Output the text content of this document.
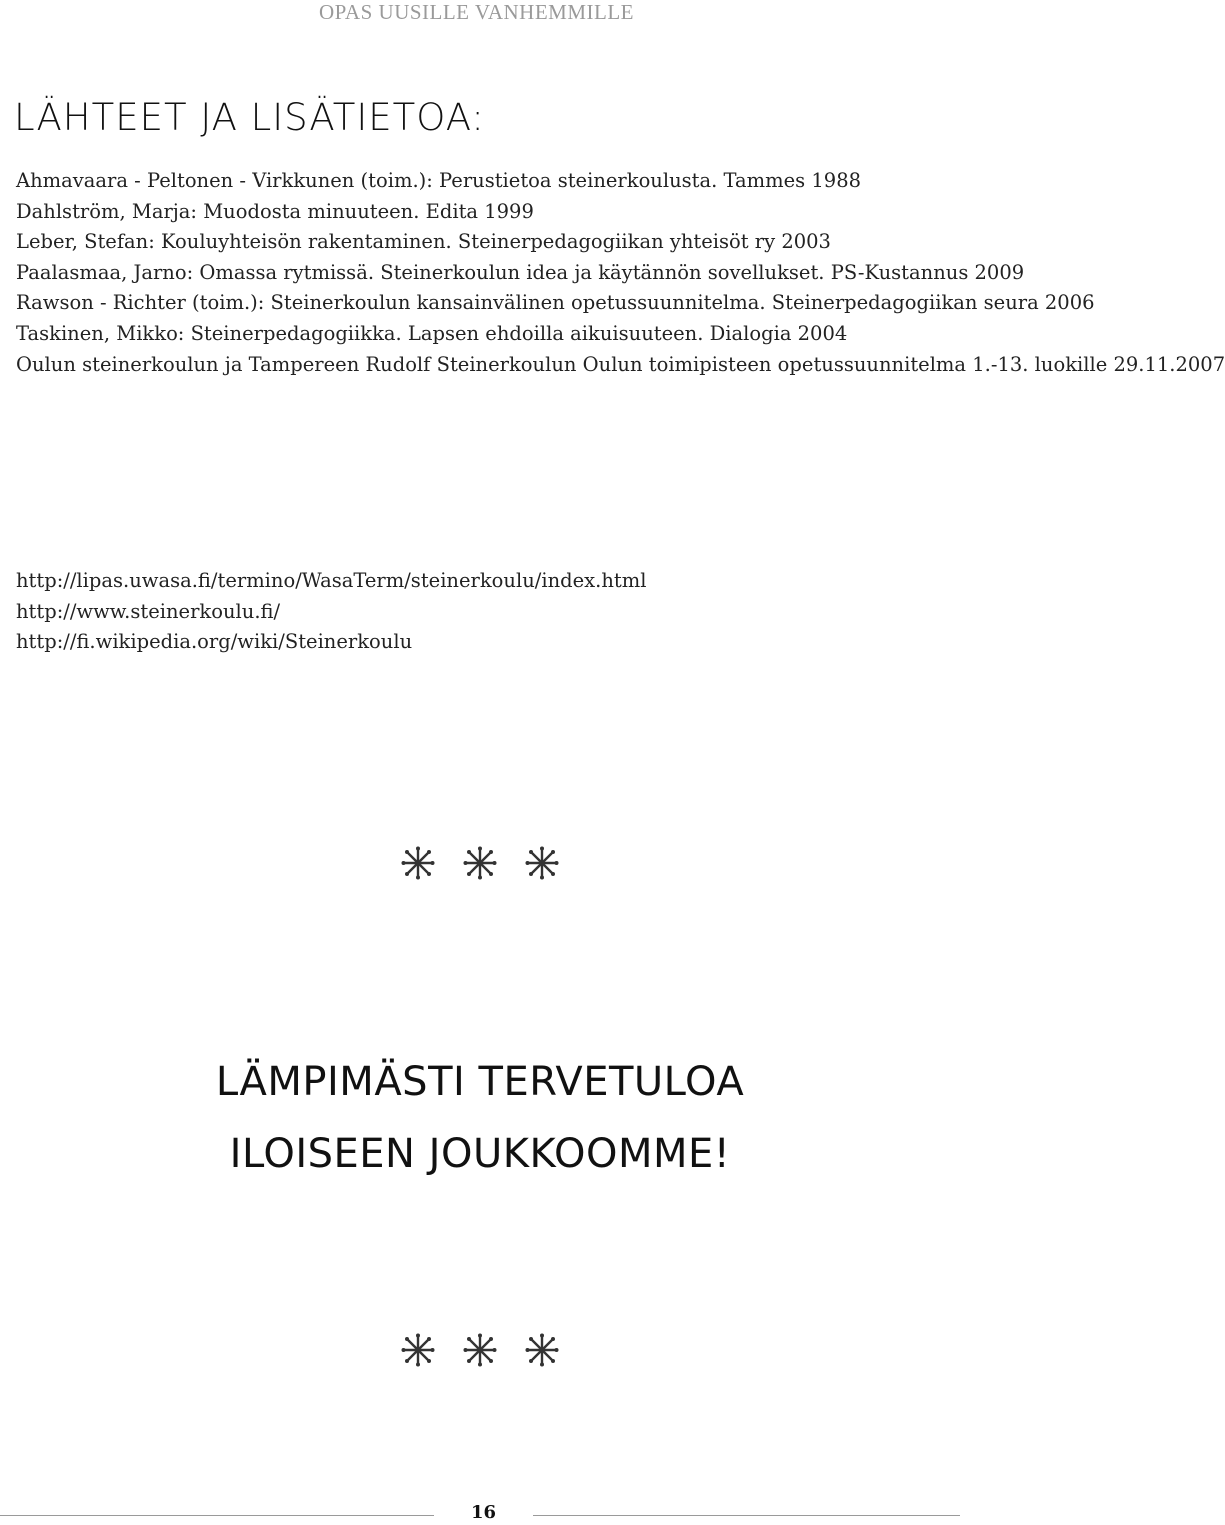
OPAS UUSILLE VANHEMMILLE
LÄHTEET JA LISÄTIETOA:
Ahmavaara - Peltonen - Virkkunen (toim.): Perustietoa steinerkoulusta. Tammes 1988
Dahlström, Marja: Muodosta minuuteen. Edita 1999
Leber, Stefan: Kouluyhteisön rakentaminen. Steinerpedagogiikan yhteisöt ry 2003
Paalasmaa, Jarno: Omassa rytmissä. Steinerkoulun idea ja käytännön sovellukset. PS-Kustannus 2009
Rawson - Richter (toim.): Steinerkoulun kansainvälinen opetussuunnitelma. Steinerpedagogiikan seura 2006
Taskinen, Mikko: Steinerpedagogiikka. Lapsen ehdoilla aikuisuuteen. Dialogia 2004
Oulun steinerkoulun ja Tampereen Rudolf Steinerkoulun Oulun toimipisteen opetussuunnitelma 1.-13. luokille 29.11.2007
http://lipas.uwasa.fi/termino/WasaTerm/steinerkoulu/index.html
http://www.steinerkoulu.fi/
http://fi.wikipedia.org/wiki/Steinerkoulu
LÄMPIMÄSTI TERVETULOA
ILOISEEN JOUKKOOMME!
16
